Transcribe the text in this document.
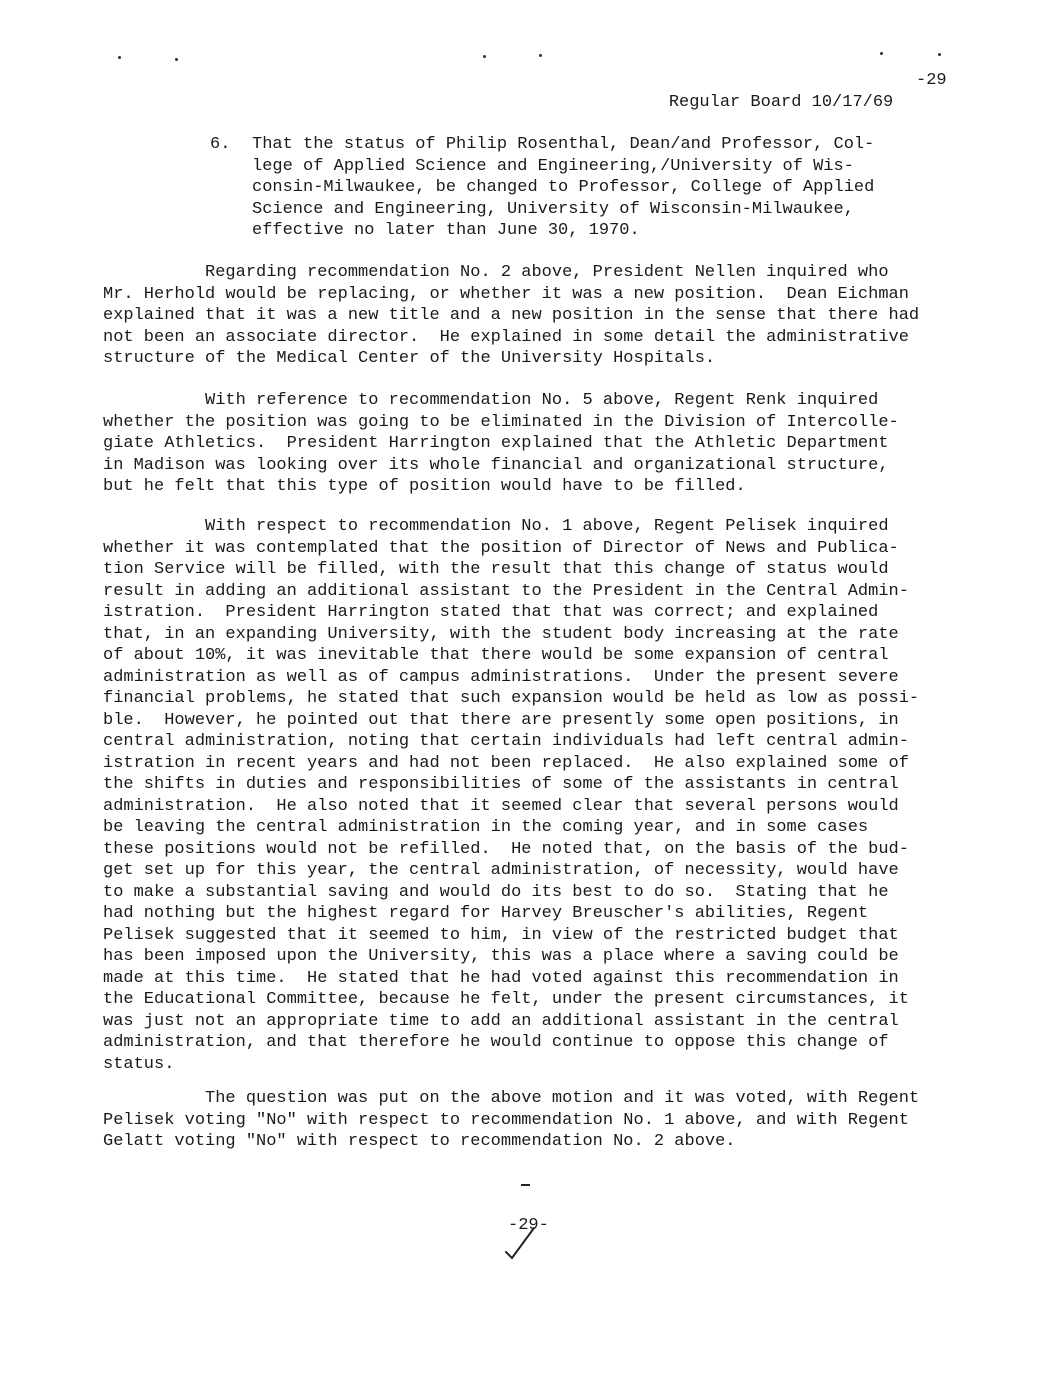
Regular Board 10/17/69

-29

6.	That the status of Philip Rosenthal, Dean/and Professor, Col-
lege of Applied Science and Engineering,/University of Wis-
consin-Milwaukee, be changed to Professor, College of Applied
Science and Engineering, University of Wisconsin-Milwaukee,
effective no later than June 30, 1970.
Regarding recommendation No. 2 above, President Nellen inquired who
Mr. Herhold would be replacing, or whether it was a new position.  Dean Eichman
explained that it was a new title and a new position in the sense that there had
not been an associate director.  He explained in some detail the administrative
structure of the Medical Center of the University Hospitals.
With reference to recommendation No. 5 above, Regent Renk inquired
whether the position was going to be eliminated in the Division of Intercolle-
giate Athletics.  President Harrington explained that the Athletic Department
in Madison was looking over its whole financial and organizational structure,
but he felt that this type of position would have to be filled.
With respect to recommendation No. 1 above, Regent Pelisek inquired
whether it was contemplated that the position of Director of News and Publica-
tion Service will be filled, with the result that this change of status would
result in adding an additional assistant to the President in the Central Admin-
istration.  President Harrington stated that that was correct; and explained
that, in an expanding University, with the student body increasing at the rate
of about 10%, it was inevitable that there would be some expansion of central
administration as well as of campus administrations.  Under the present severe
financial problems, he stated that such expansion would be held as low as possi-
ble.  However, he pointed out that there are presently some open positions, in
central administration, noting that certain individuals had left central admin-
istration in recent years and had not been replaced.  He also explained some of
the shifts in duties and responsibilities of some of the assistants in central
administration.  He also noted that it seemed clear that several persons would
be leaving the central administration in the coming year, and in some cases
these positions would not be refilled.  He noted that, on the basis of the bud-
get set up for this year, the central administration, of necessity, would have
to make a substantial saving and would do its best to do so.  Stating that he
had nothing but the highest regard for Harvey Breuscher's abilities, Regent
Pelisek suggested that it seemed to him, in view of the restricted budget that
has been imposed upon the University, this was a place where a saving could be
made at this time.  He stated that he had voted against this recommendation in
the Educational Committee, because he felt, under the present circumstances, it
was just not an appropriate time to add an additional assistant in the central
administration, and that therefore he would continue to oppose this change of
status.
The question was put on the above motion and it was voted, with Regent
Pelisek voting "No" with respect to recommendation No. 1 above, and with Regent
Gelatt voting "No" with respect to recommendation No. 2 above.
-29-
